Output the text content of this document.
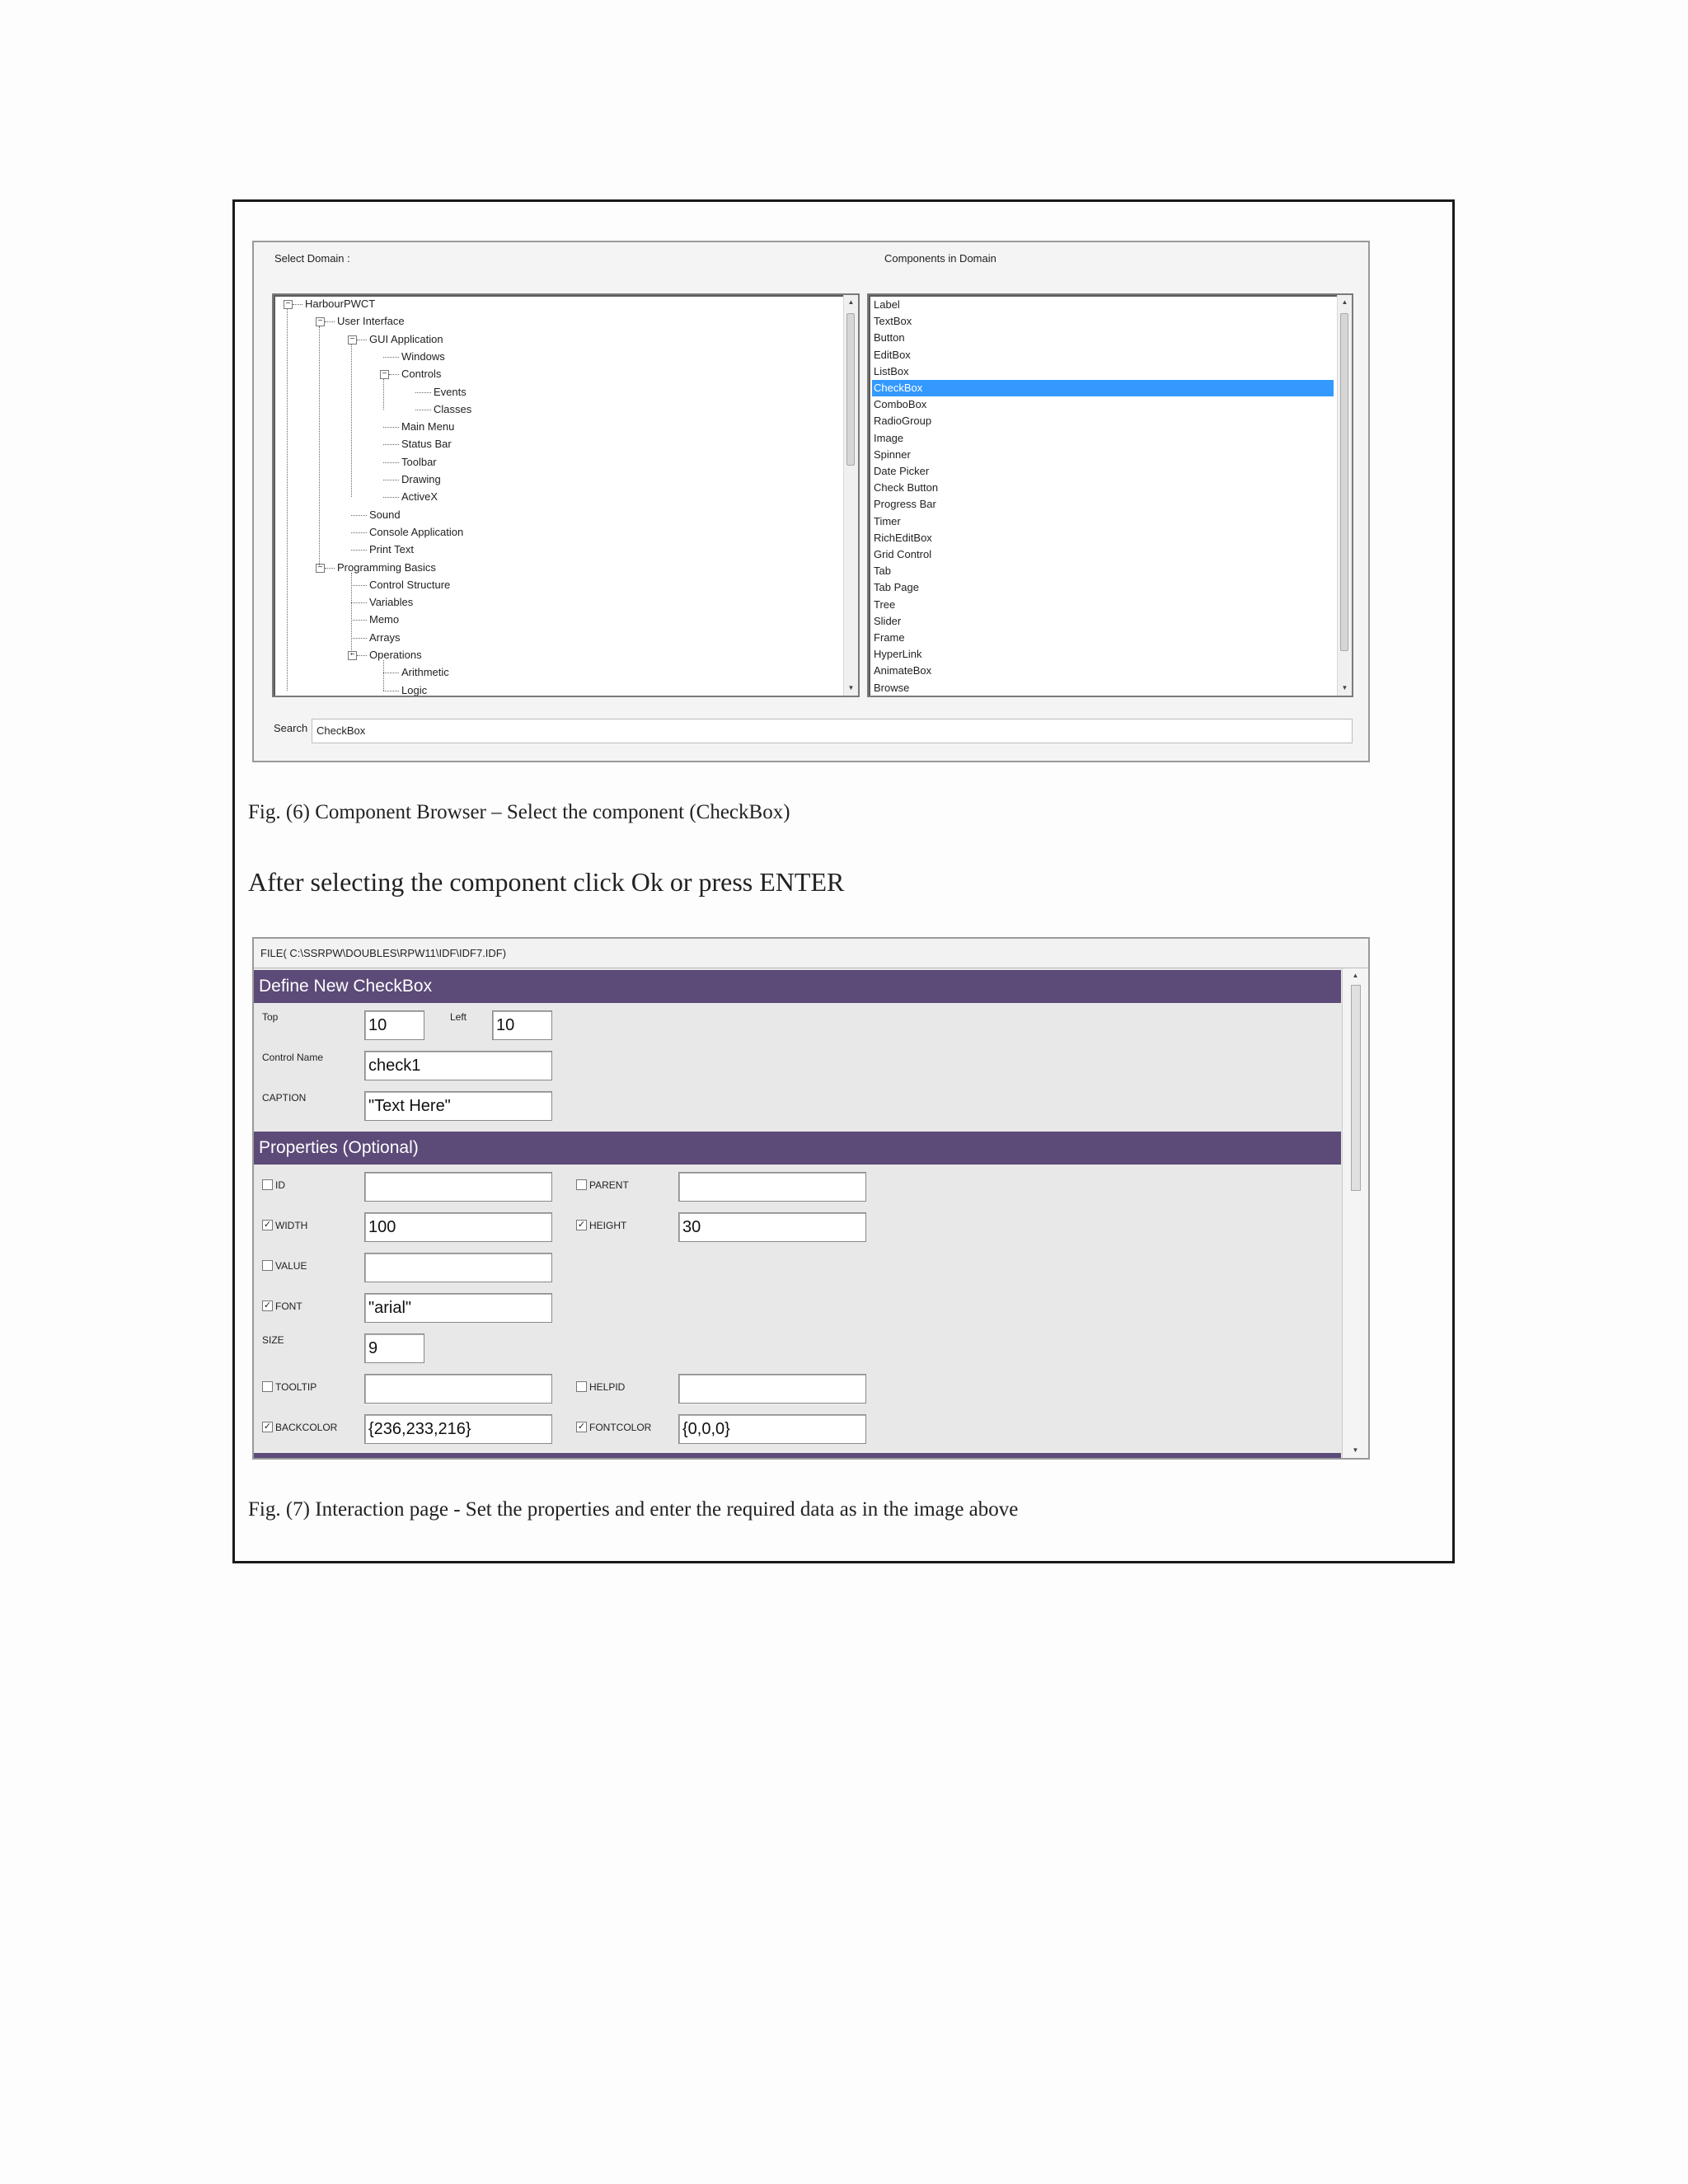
Select Domain :	Components in Domain
− HarbourPWCT
− User Interface
− GUI Application
Windows
− Controls
Events
Classes
Main Menu
Status Bar
Toolbar
Drawing
ActiveX
Sound
Console Application
Print Text
− Programming Basics
Control Structure
Variables
Memo
Arrays
− Operations
Arithmetic
Logic
▲
▼
Label
TextBox
Button
EditBox
ListBox
CheckBox
ComboBox
RadioGroup
Image
Spinner
Date Picker
Check Button
Progress Bar
Timer
RichEditBox
Grid Control
Tab
Tab Page
Tree
Slider
Frame
HyperLink
AnimateBox
Browse
▲
▼
Search CheckBox
Fig. (6) Component Browser – Select the component (CheckBox)
After selecting the component click Ok or press ENTER
FILE( C:\SSRPW\DOUBLES\RPW11\IDF\IDF7.IDF)
Define New CheckBox
Top	10	Left 10
Control Name	check1
CAPTION	"Text Here"
Properties (Optional)
ID	PARENT
✓ WIDTH	100	✓ HEIGHT	30
VALUE
✓ FONT	"arial"
SIZE	9
TOOLTIP	HELPID
✓ BACKCOLOR {236,233,216}	✓ FONTCOLOR {0,0,0}
▲
▼
Fig. (7) Interaction page - Set the properties and enter the required data as in the image above
